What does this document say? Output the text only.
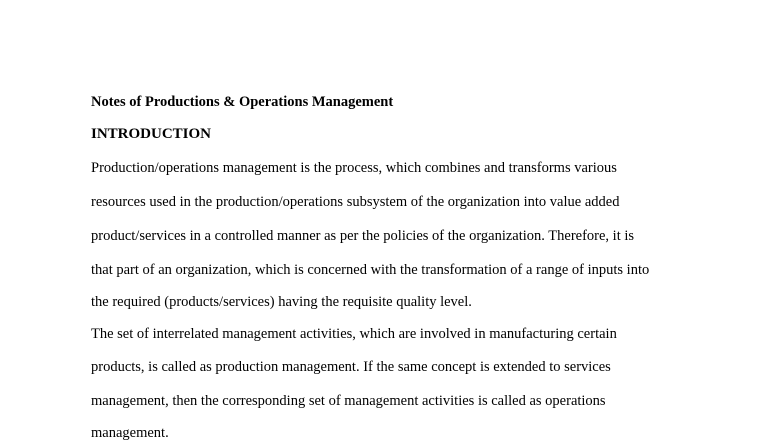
Notes of Productions & Operations Management
INTRODUCTION
Production/operations management is the process, which combines and transforms various
resources used in the production/operations subsystem of the organization into value added
product/services in a controlled manner as per the policies of the organization. Therefore, it is
that part of an organization, which is concerned with the transformation of a range of inputs into
the required (products/services) having the requisite quality level.
The set of interrelated management activities, which are involved in manufacturing certain
products, is called as production management. If the same concept is extended to services
management, then the corresponding set of management activities is called as operations
management.
